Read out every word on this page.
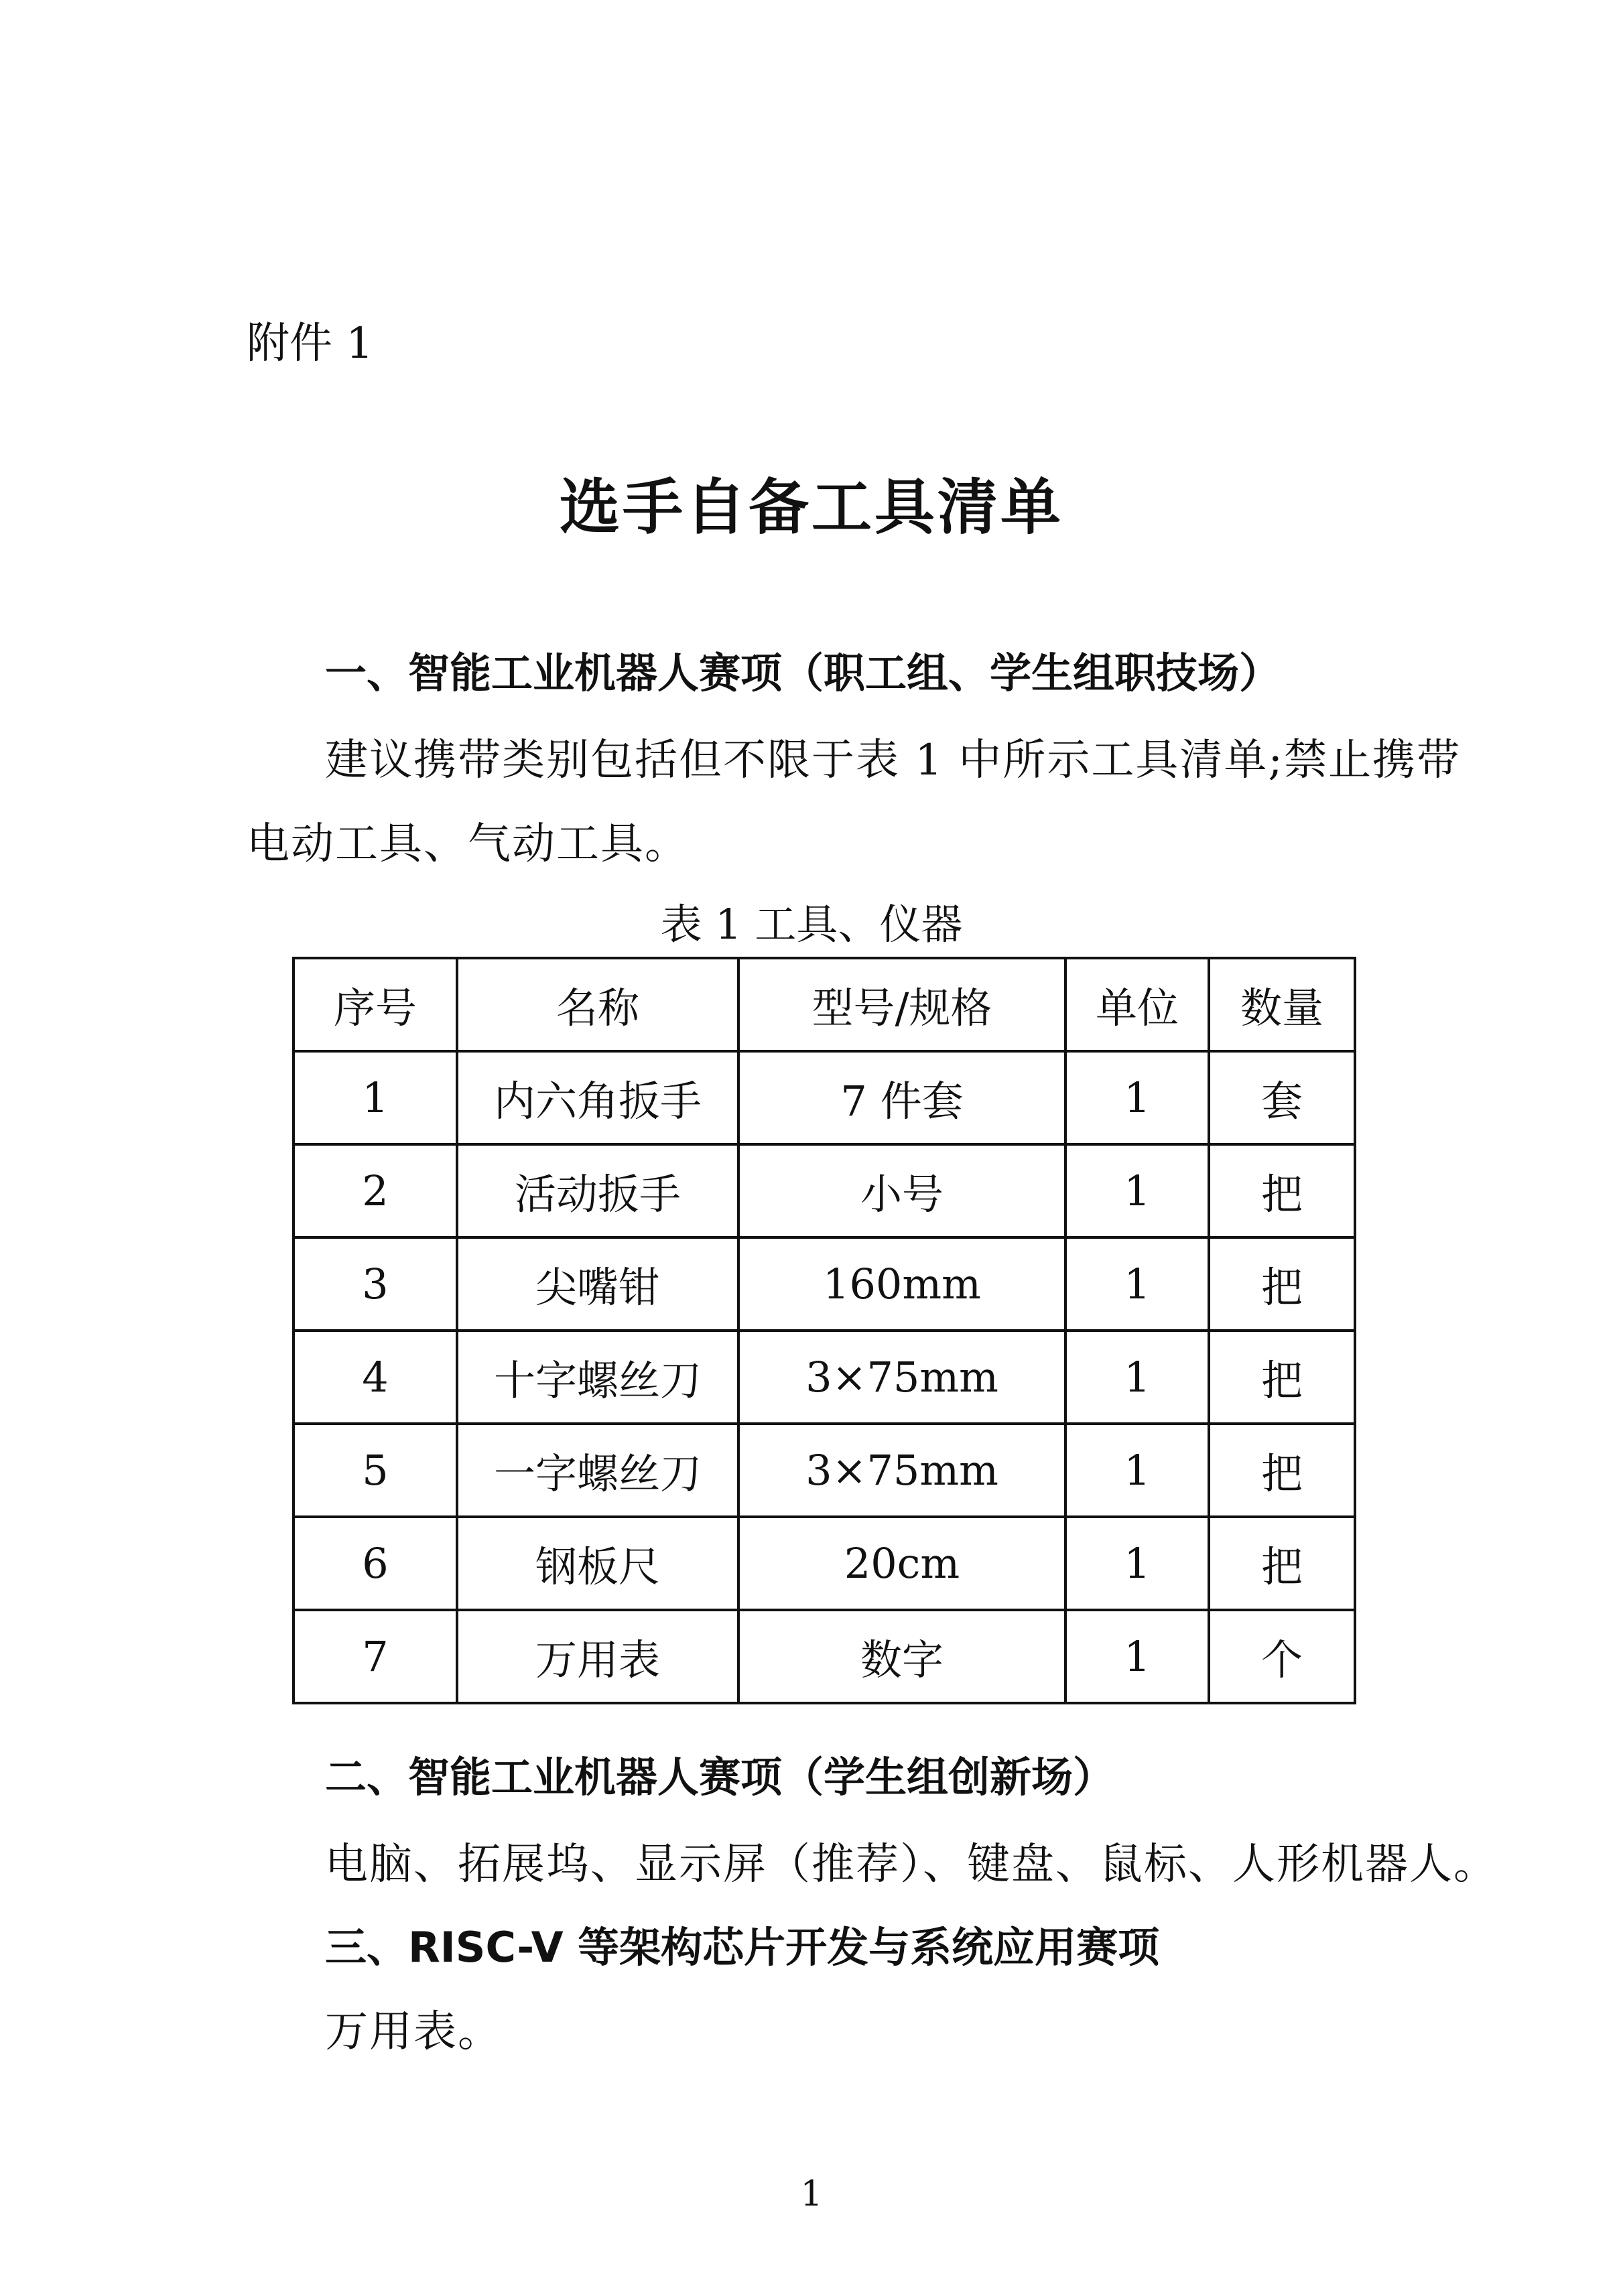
附件 1
选手自备工具清单
一、智能工业机器人赛项（职工组、学生组职技场）
建议携带类别包括但不限于表 1 中所示工具清单;禁止携带
电动工具、气动工具。
表 1 工具、仪器
序号	名称	型号/规格	单位	数量
1	内六角扳手	7 件套	1	套
2	活动扳手	小号	1	把
3	尖嘴钳	160mm	1	把
4	十字螺丝刀	3×75mm	1	把
5	一字螺丝刀	3×75mm	1	把
6	钢板尺	20cm	1	把
7	万用表	数字	1	个
二、智能工业机器人赛项（学生组创新场）
电脑、拓展坞、显示屏（推荐）、键盘、鼠标、人形机器人。
三、RISC-V 等架构芯片开发与系统应用赛项
万用表。
1
